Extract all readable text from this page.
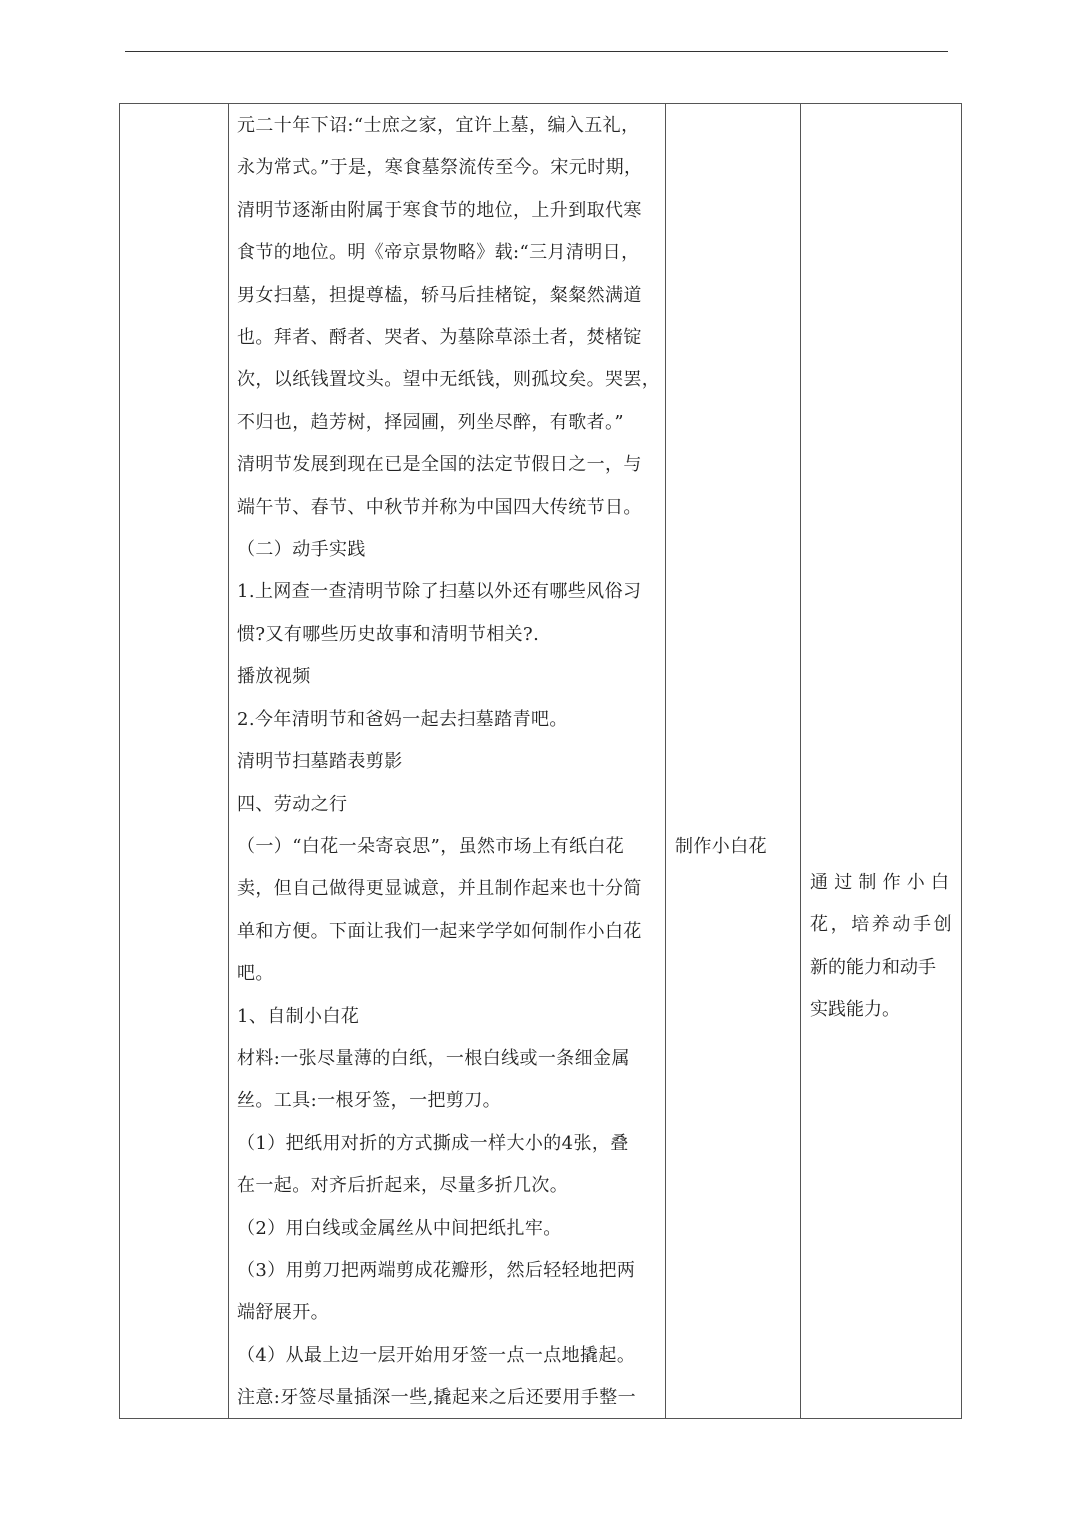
元二十年下诏:“士庶之家，宜许上墓，编入五礼，
永为常式。”于是，寒食墓祭流传至今。宋元时期，
清明节逐渐由附属于寒食节的地位，上升到取代寒
食节的地位。明《帝京景物略》载:“三月清明日，
男女扫墓，担提尊榼，轿马后挂楮锭，粲粲然满道
也。拜者、酹者、哭者、为墓除草添土者，焚楮锭
次，以纸钱置坟头。望中无纸钱，则孤坟矣。哭罢，
不归也，趋芳树，择园圃，列坐尽醉，有歌者。”
清明节发展到现在已是全国的法定节假日之一，与
端午节、春节、中秋节并称为中国四大传统节日。
（二）动手实践
1.上网查一查清明节除了扫墓以外还有哪些风俗习
惯?又有哪些历史故事和清明节相关?.
播放视频
2.今年清明节和爸妈一起去扫墓踏青吧。
清明节扫墓踏表剪影
四、劳动之行
（一）“白花一朵寄哀思”，虽然市场上有纸白花
卖，但自己做得更显诚意，并且制作起来也十分简
单和方便。下面让我们一起来学学如何制作小白花
吧。
1、自制小白花
材料:一张尽量薄的白纸，一根白线或一条细金属
丝。工具:一根牙签，一把剪刀。
（1）把纸用对折的方式撕成一样大小的4张，叠
在一起。对齐后折起来，尽量多折几次。
（2）用白线或金属丝从中间把纸扎牢。
（3）用剪刀把两端剪成花瓣形，然后轻轻地把两
端舒展开。
（4）从最上边一层开始用牙签一点一点地撬起。
注意:牙签尽量插深一些,撬起来之后还要用手整一
制作小白花
通过制作小白
花，培养动手创
新的能力和动手
实践能力。
